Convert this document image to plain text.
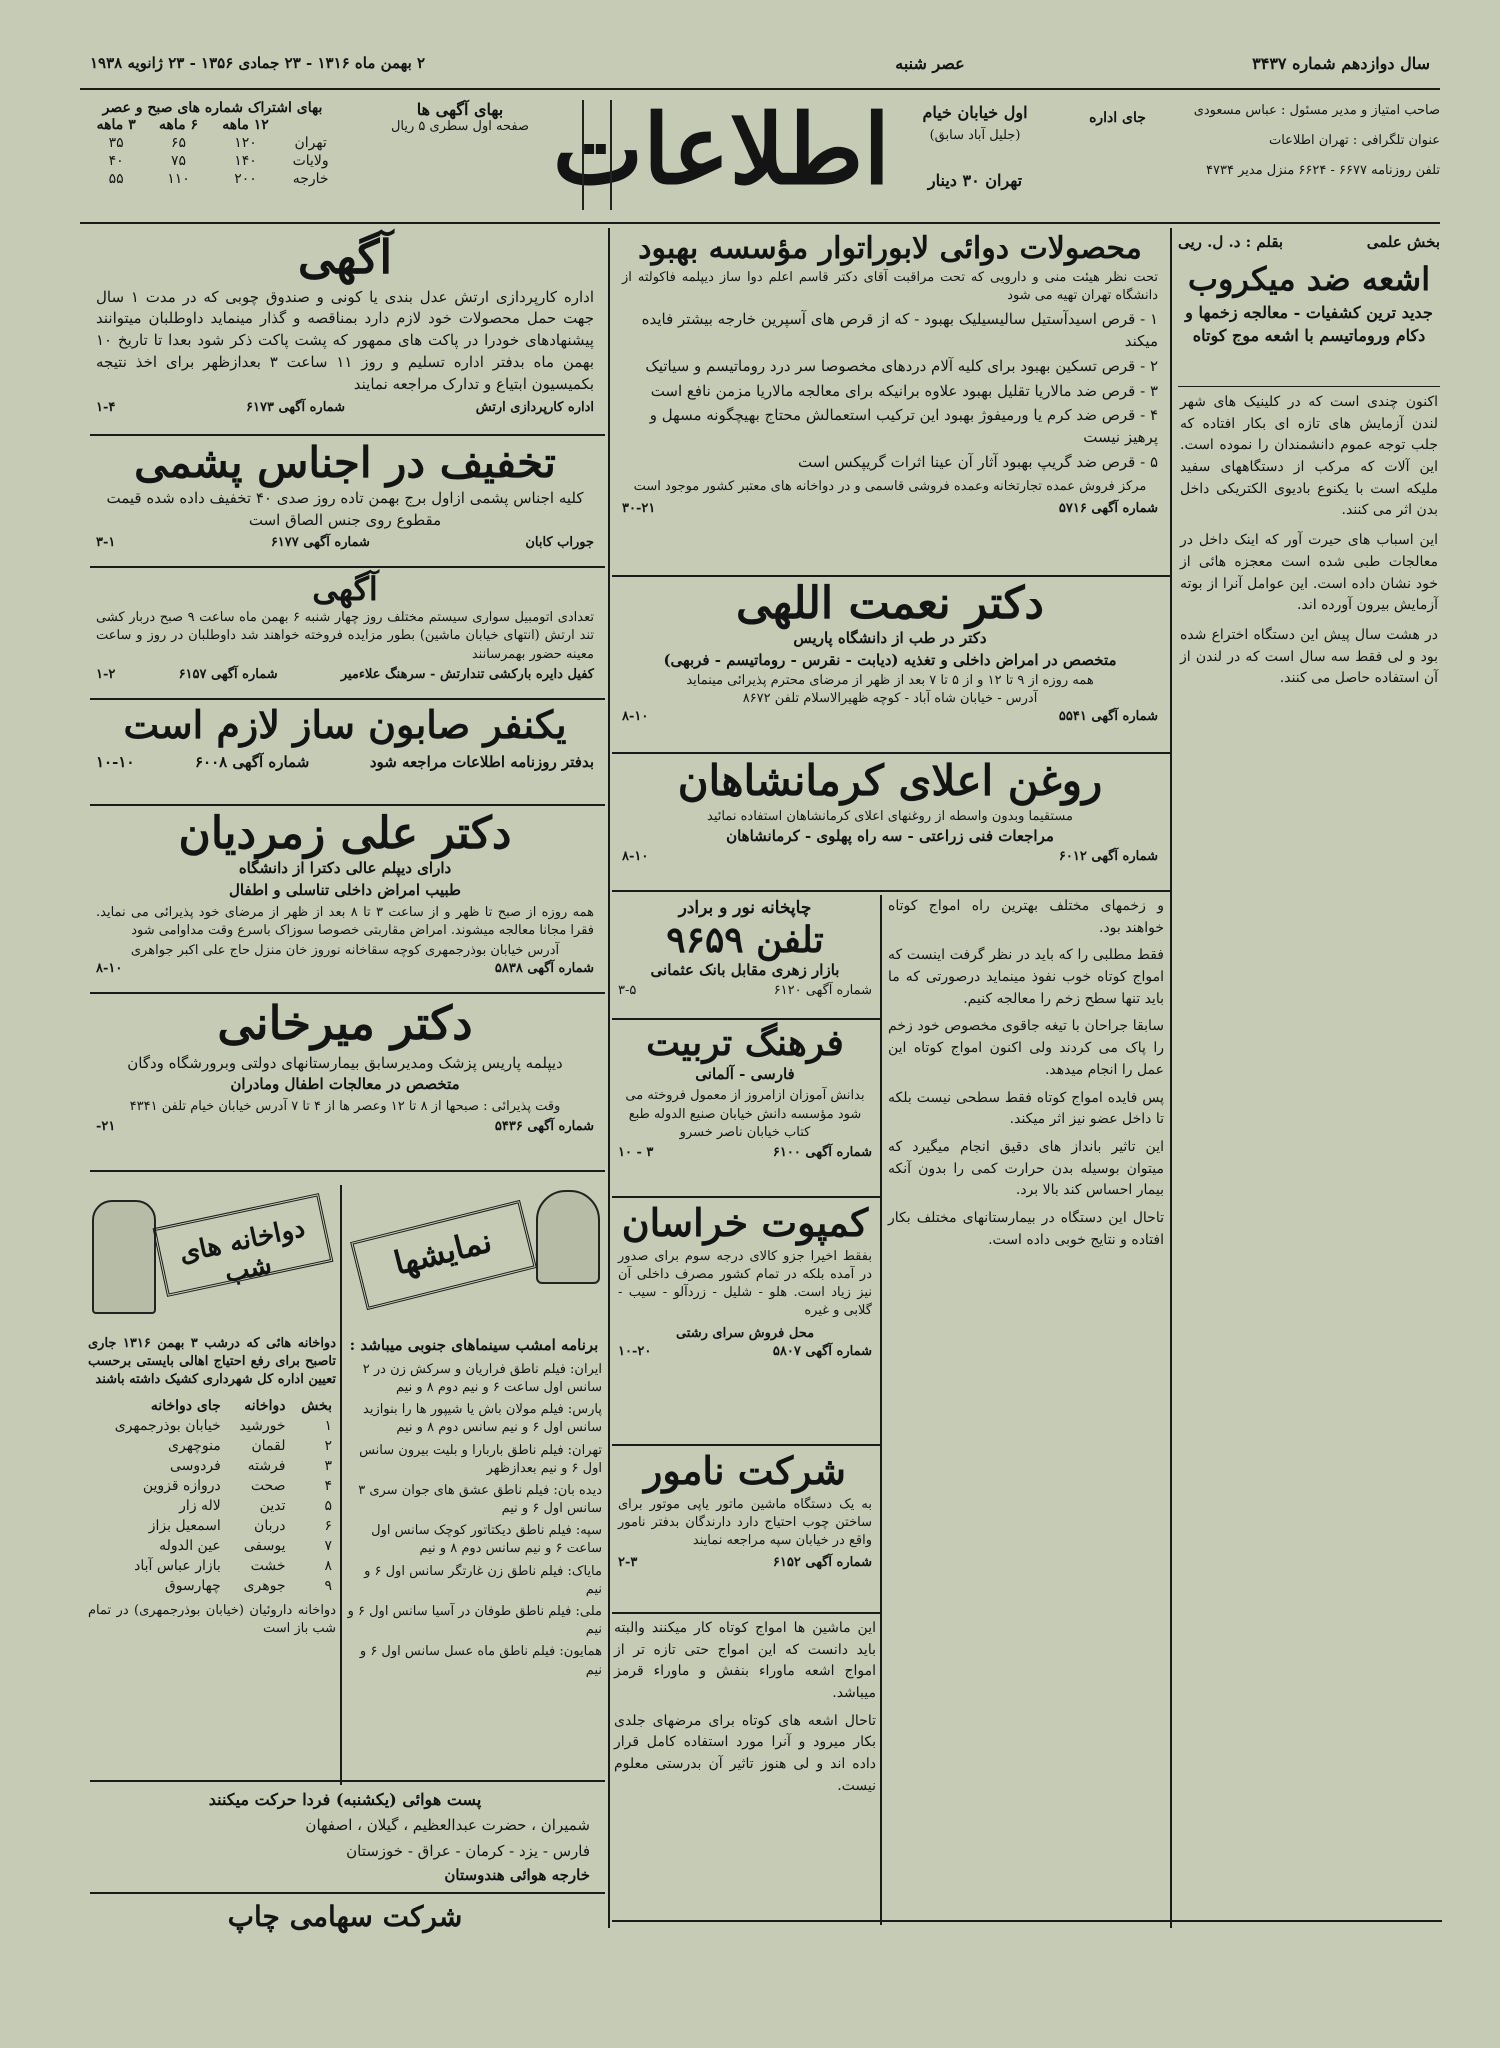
۲ بهمن ماه ۱۳۱۶ - ۲۳ جمادی ۱۳۵۶ - ۲۳ ژانویه ۱۹۳۸	عصر شنبه	سال دوازدهم شماره ۳۴۳۷
صاحب امتیاز و مدیر مسئول : عباس مسعودی
عنوان تلگرافی : تهران اطلاعات
تلفن روزنامه ۶۶۷۷ - ۶۶۲۴ منزل مدیر ۴۷۳۴
جای اداره
اول خیابان خیام
(جلیل آباد سابق)
تهران ۳۰ دینار
اطلاعات
بهای آگهی ها
صفحه اول سطری ۵ ریال
بهای اشتراک شماره های صبح و عصر
	۱۲ ماهه	۶ ماهه	۳ ماهه
تهران	۱۲۰	۶۵	۳۵
ولایات	۱۴۰	۷۵	۴۰
خارجه	۲۰۰	۱۱۰	۵۵
آگهی
اداره کارپردازی ارتش عدل بندی یا کونی و صندوق چوبی که در مدت ۱ سال جهت حمل محصولات خود لازم دارد بمناقصه و گذار مینماید داوطلبان میتوانند پیشنهادهای خودرا در پاکت های ممهور که پشت پاکت ذکر شود بعدا تا تاریخ ۱۰ بهمن ماه بدفتر اداره تسلیم و روز ۱۱ ساعت ۳ بعدازظهر برای اخذ نتیجه بکمیسیون ابتیاع و تدارک مراجعه نمایند
اداره کارپردازی ارتش
شماره آگهی ۶۱۷۳
۱-۴
تخفیف در اجناس پشمی
کلیه اجناس پشمی ازاول برج بهمن تاده روز صدی ۴۰ تخفیف داده شده قیمت مقطوع روی جنس الصاق است
جوراب کابان
شماره آگهی ۶۱۷۷
۳-۱
آگهی
تعدادی اتومبیل سواری سیستم مختلف روز چهار شنبه ۶ بهمن ماه ساعت ۹ صبح دربار کشی تند ارتش (انتهای خیابان ماشین) بطور مزایده فروخته خواهند شد داوطلبان در روز و ساعت معینه حضور بهمرسانند
کفیل دایره بارکشی تندارتش - سرهنگ علاءمیر
شماره آگهی ۶۱۵۷
۱-۲
یکنفر صابون ساز لازم است
بدفتر روزنامه اطلاعات مراجعه شود
شماره آگهی ۶۰۰۸
۱۰-۱۰
دکتر علی زمردیان
دارای دیپلم عالی دکترا از دانشگاه
طبیب امراض داخلی تناسلی و اطفال
همه روزه از صبح تا ظهر و از ساعت ۳ تا ۸ بعد از ظهر از مرضای خود پذیرائی می نماید. فقرا مجانا معالجه میشوند. امراض مقاربتی خصوصا سوزاک باسرع وقت مداوامی شود
آدرس خیابان بوذرجمهری کوچه سقاخانه نوروز خان منزل حاج علی اکبر جواهری
شماره آگهی ۵۸۳۸
۸-۱۰
دکتر میرخانی
دیپلمه پاریس پزشک ومدیرسابق بیمارستانهای دولتی وبرورشگاه ودگان
متخصص در معالجات اطفال ومادران
وقت پذیرائی : صبحها از ۸ تا ۱۲ وعصر ها از ۴ تا ۷ آدرس خیابان خیام تلفن ۴۳۴۱
شماره آگهی ۵۴۳۶
۲۱-
دواخانه های شب
دواخانه هائی که درشب ۳ بهمن ۱۳۱۶ جاری تاصبح برای رفع احتیاج اهالی بایستی برحسب تعیین اداره کل شهرداری کشیک داشته باشند
بخش	دواخانه	جای دواخانه
۱	خورشید	خیابان بوذرجمهری
۲	لقمان	منوچهری
۳	فرشته	فردوسی
۴	صحت	دروازه قزوین
۵	تدین	لاله زار
۶	دربان	اسمعیل بزاز
۷	یوسفی	عین الدوله
۸	خشت	بازار عباس آباد
۹	جوهری	چهارسوق
دواخانه داروئیان (خیابان بوذرجمهری) در تمام شب باز است
نمایشها
برنامه امشب سینماهای جنوبی میباشد :
ایران: فیلم ناطق فراریان و سرکش زن در ۲ سانس اول ساعت ۶ و نیم دوم ۸ و نیم
پارس: فیلم مولان باش یا شیپور ها را بنوازید سانس اول ۶ و نیم سانس دوم ۸ و نیم
تهران: فیلم ناطق باربارا و بلیت بیرون سانس اول ۶ و نیم بعدازظهر
دیده بان: فیلم ناطق عشق های جوان سری ۳ سانس اول ۶ و نیم
سپه: فیلم ناطق دیکتاتور کوچک سانس اول ساعت ۶ و نیم سانس دوم ۸ و نیم
مایاک: فیلم ناطق زن غارتگر سانس اول ۶ و نیم
ملی: فیلم ناطق طوفان در آسیا سانس اول ۶ و نیم
همایون: فیلم ناطق ماه عسل سانس اول ۶ و نیم
پست هوائی (یکشنبه) فردا حرکت میکنند
شمیران ، حضرت عبدالعظیم ، گیلان ، اصفهان
فارس - یزد - کرمان - عراق - خوزستان
خارجه هوائی هندوستان
شرکت سهامی چاپ
محصولات دوائی لابوراتوار مؤسسه بهبود
تحت نظر هیئت منی و دارویی که تحت مراقبت آقای دکتر قاسم اعلم دوا ساز دیپلمه فاکولته از دانشگاه تهران تهیه می شود
۱ - قرص اسیدآستیل سالیسیلیک بهبود - که از قرص های آسپرین خارجه بیشتر فایده میکند
۲ - قرص تسکین بهبود برای کلیه آلام دردهای مخصوصا سر درد روماتیسم و سیاتیک
۳ - قرص ضد مالاریا تقلیل بهبود علاوه برانیکه برای معالجه مالاریا مزمن نافع است
۴ - قرص ضد کرم یا ورمیفوژ بهبود این ترکیب استعمالش محتاج بهیچگونه مسهل و پرهیز نیست
۵ - قرص ضد گریپ بهبود آثار آن عینا اثرات گریپکس است
مرکز فروش عمده تجارتخانه وعمده فروشی قاسمی و در دواخانه های معتبر کشور موجود است
شماره آگهی ۵۷۱۶
۳۰-۲۱
دکتر نعمت اللهی
دکتر در طب از دانشگاه پاریس
متخصص در امراض داخلی و تغذیه (دیابت - نقرس - روماتیسم - فربهی)
همه روزه از ۹ تا ۱۲ و از ۵ تا ۷ بعد از ظهر از مرضای محترم پذیرائی مینماید
آدرس - خیابان شاه آباد - کوچه ظهیرالاسلام تلفن ۸۶۷۲
شماره آگهی ۵۵۴۱
۸-۱۰
روغن اعلای کرمانشاهان
مستقیما وبدون واسطه از روغنهای اعلای کرمانشاهان استفاده نمائید
مراجعات فنی زراعتی - سه راه پهلوی - کرمانشاهان
شماره آگهی ۶۰۱۲
۸-۱۰
چاپخانه نور و برادر
تلفن ۹۶۵۹
بازار زهری مقابل بانک عثمانی
شماره آگهی ۶۱۲۰
۳-۵
فرهنگ تربیت
فارسی - آلمانی
بدانش آموزان ازامروز از معمول فروخته می شود مؤسسه دانش خیابان صنیع الدوله طبع کتاب خیابان ناصر خسرو
شماره آگهی ۶۱۰۰
۳ - ۱۰
کمپوت خراسان
بفقط اخیرا جزو کالای درجه سوم برای صدور در آمده بلکه در تمام کشور مصرف داخلی آن نیز زیاد است. هلو - شلیل - زردآلو - سیب - گلابی و غیره
محل فروش سرای رشتی
شماره آگهی ۵۸۰۷
۱۰-۲۰
شرکت نامور
به یک دستگاه ماشین ماتور یاپی موتور برای ساختن چوب احتیاج دارد دارندگان بدفتر نامور واقع در خیابان سپه مراجعه نمایند
شماره آگهی ۶۱۵۲
۲-۳

و زخمهای مختلف بهترین راه امواج کوتاه خواهند بود.

فقط مطلبی را که باید در نظر گرفت اینست که امواج کوتاه خوب نفوذ مینماید درصورتی که ما باید تنها سطح زخم را معالجه کنیم.

سابقا جراحان با تیغه جاقوی مخصوص خود زخم را پاک می کردند ولی اکنون امواج کوتاه این عمل را انجام میدهد.

پس فایده امواج کوتاه فقط سطحی نیست بلکه تا داخل عضو نیز اثر میکند.

این تاثیر بانداز های دقیق انجام میگیرد که میتوان بوسیله بدن حرارت کمی را بدون آنکه بیمار احساس کند بالا برد.

تاحال این دستگاه در بیمارستانهای مختلف بکار افتاده و نتایج خوبی داده است.

این ماشین ها امواج کوتاه کار میکنند والبته باید دانست که این امواج حتی تازه تر از امواج اشعه ماوراء بنفش و ماوراء قرمز میباشد.

تاحال اشعه های کوتاه برای مرضهای جلدی بکار میرود و آنرا مورد استفاده کامل قرار داده اند و لی هنوز تاثیر آن بدرستی معلوم نیست.

بخش علمی
بقلم : د. ل. ریی
اشعه ضد میکروب
جدید ترین کشفیات - معالجه زخمها و دکام وروماتیسم با اشعه موج کوتاه

اکنون چندی است که در کلینیک های شهر لندن آزمایش های تازه ای بکار افتاده که جلب توجه عموم دانشمندان را نموده است. این آلات که مرکب از دستگاههای سفید ملیکه است با یکنوع بادیوی الکتریکی داخل بدن اثر می کنند.

این اسباب های حیرت آور که اینک داخل در معالجات طبی شده است معجزه هائی از خود نشان داده است. این عوامل آنرا از بوته آزمایش بیرون آورده اند.

در هشت سال پیش این دستگاه اختراع شده بود و لی فقط سه سال است که در لندن از آن استفاده حاصل می کنند.
